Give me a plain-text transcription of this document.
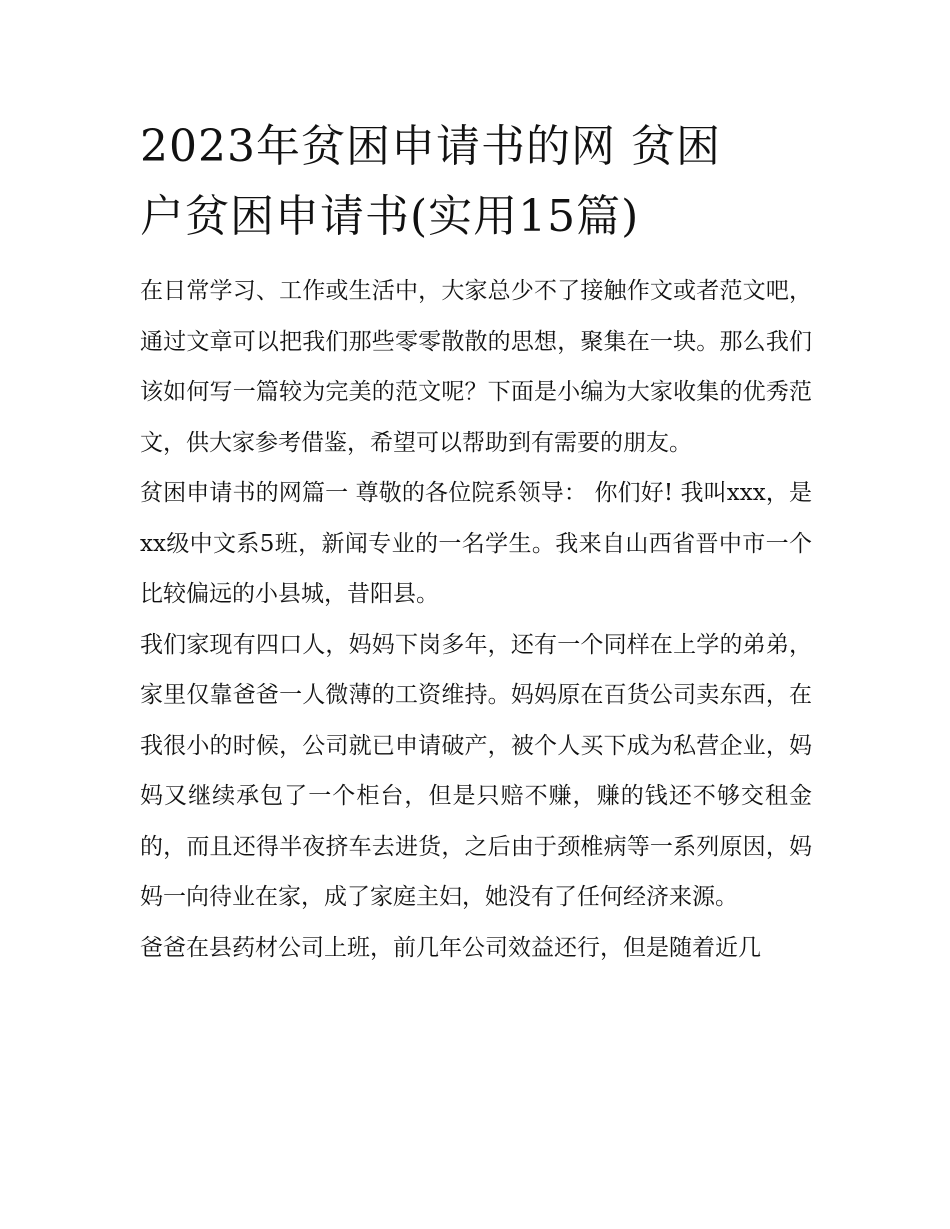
2023年贫困申请书的网 贫困
户贫困申请书(实用15篇)

在日常学习、工作或生活中，大家总少不了接触作文或者范文吧，通过文章可以把我们那些零零散散的思想，聚集在一块。那么我们该如何写一篇较为完美的范文呢？下面是小编为大家收集的优秀范文，供大家参考借鉴，希望可以帮助到有需要的朋友。

贫困申请书的网篇一 尊敬的各位院系领导： 你们好! 我叫xxx，是xx级中文系5班，新闻专业的一名学生。我来自山西省晋中市一个比较偏远的小县城，昔阳县。

我们家现有四口人，妈妈下岗多年，还有一个同样在上学的弟弟，家里仅靠爸爸一人微薄的工资维持。妈妈原在百货公司卖东西，在我很小的时候，公司就已申请破产，被个人买下成为私营企业，妈妈又继续承包了一个柜台，但是只赔不赚，赚的钱还不够交租金的，而且还得半夜挤车去进货，之后由于颈椎病等一系列原因，妈妈一向待业在家，成了家庭主妇，她没有了任何经济来源。

爸爸在县药材公司上班，前几年公司效益还行，但是随着近几
